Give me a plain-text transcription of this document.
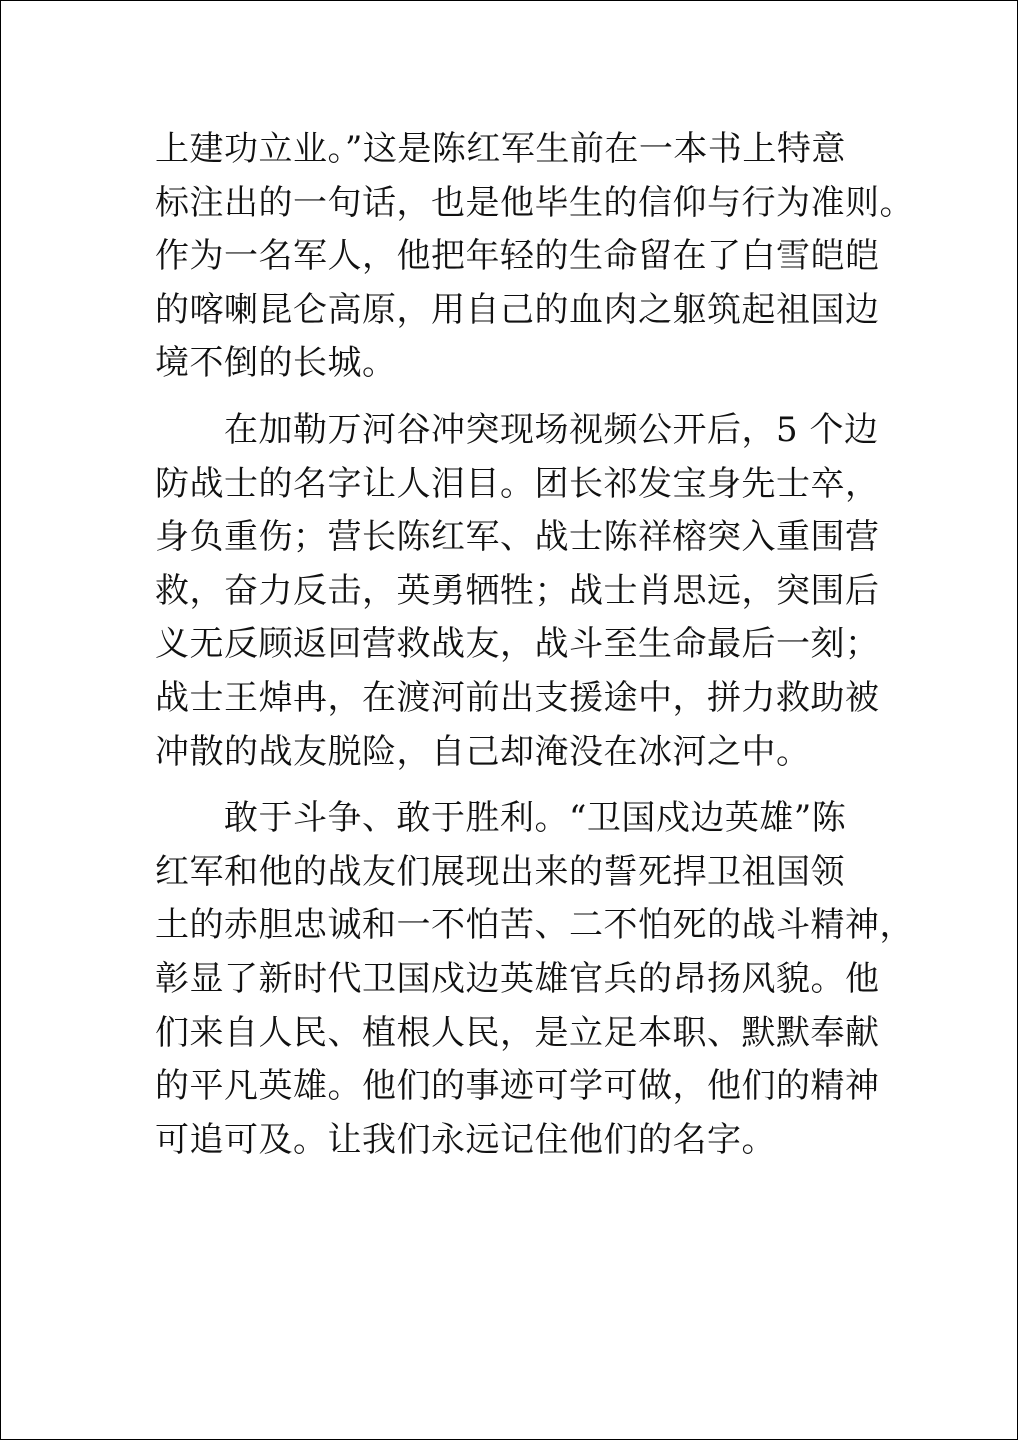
上建功立业。”这是陈红军生前在一本书上特意
标注出的一句话，也是他毕生的信仰与行为准则。
作为一名军人，他把年轻的生命留在了白雪皑皑
的喀喇昆仑高原，用自己的血肉之躯筑起祖国边
境不倒的长城。
　　在加勒万河谷冲突现场视频公开后，5 个边
防战士的名字让人泪目。团长祁发宝身先士卒，
身负重伤；营长陈红军、战士陈祥榕突入重围营
救，奋力反击，英勇牺牲；战士肖思远，突围后
义无反顾返回营救战友，战斗至生命最后一刻；
战士王焯冉，在渡河前出支援途中，拼力救助被
冲散的战友脱险，自己却淹没在冰河之中。
　　敢于斗争、敢于胜利。“卫国戍边英雄”陈
红军和他的战友们展现出来的誓死捍卫祖国领
土的赤胆忠诚和一不怕苦、二不怕死的战斗精神，
彰显了新时代卫国戍边英雄官兵的昂扬风貌。他
们来自人民、植根人民，是立足本职、默默奉献
的平凡英雄。他们的事迹可学可做，他们的精神
可追可及。让我们永远记住他们的名字。
